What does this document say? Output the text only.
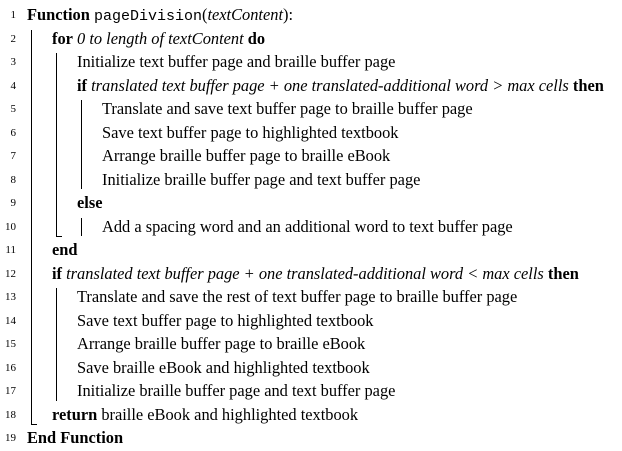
1 Function pageDivision(textContent):
2 for 0 to length of textContent do
3	Initialize text buffer page and braille buffer page
4	if translated text buffer page + one translated-additional word > max cells then
5	Translate and save text buffer page to braille buffer page
6	Save text buffer page to highlighted textbook
7	Arrange braille buffer page to braille eBook
8	Initialize braille buffer page and text buffer page
9	else
10	Add a spacing word and an additional word to text buffer page
11 end
12 if translated text buffer page + one translated-additional word < max cells then
13	Translate and save the rest of text buffer page to braille buffer page
14	Save text buffer page to highlighted textbook
15	Arrange braille buffer page to braille eBook
16	Save braille eBook and highlighted textbook
17	Initialize braille buffer page and text buffer page
18 return braille eBook and highlighted textbook
19 End Function
